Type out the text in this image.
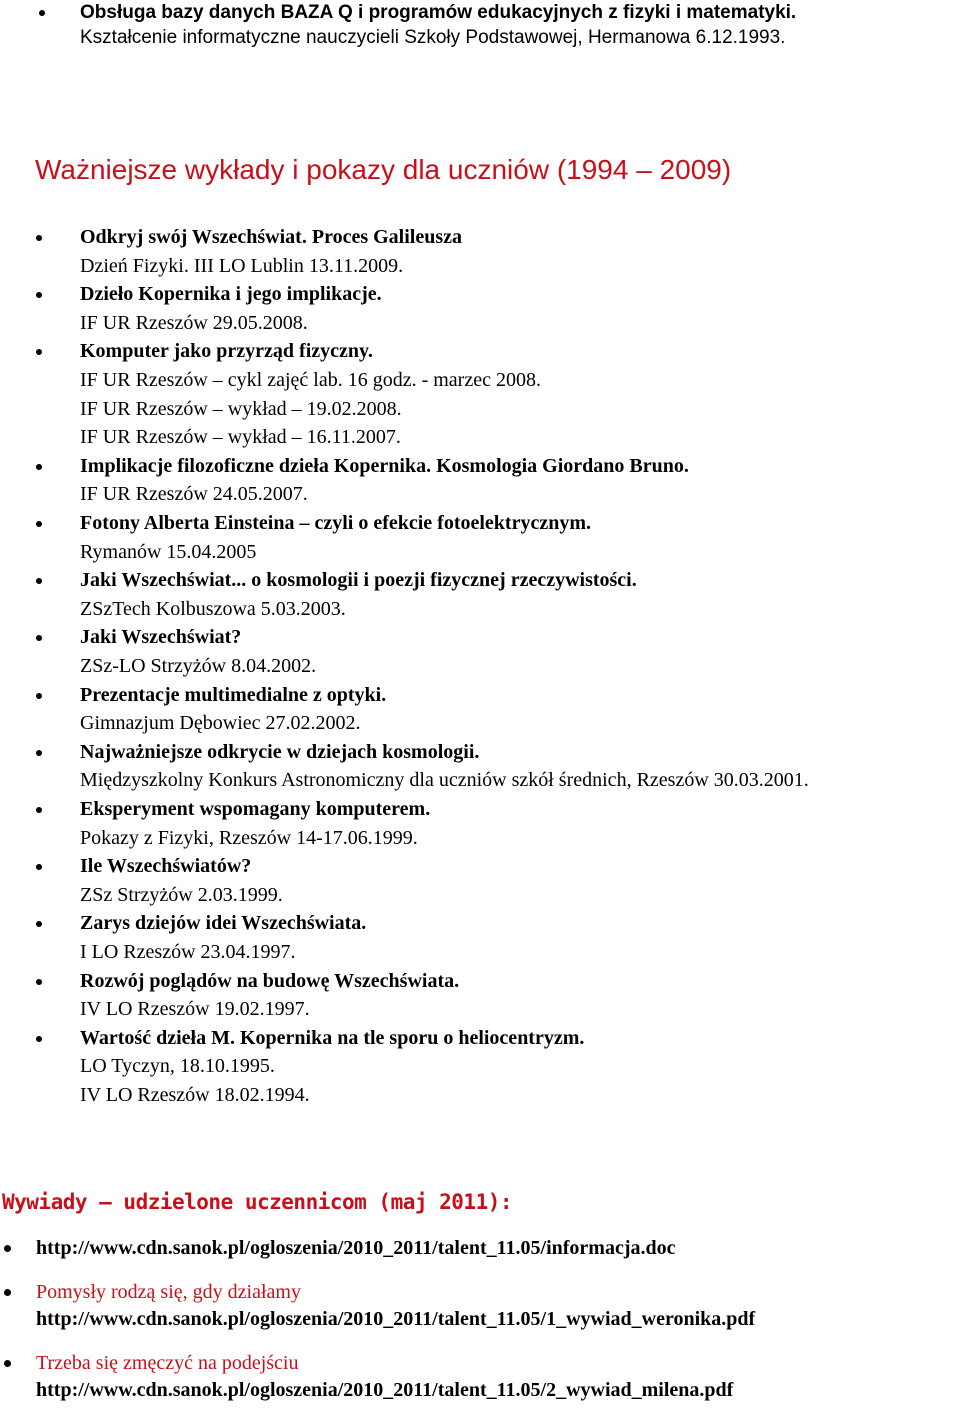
Obsługa bazy danych BAZA Q i programów edukacyjnych z fizyki i matematyki.
Kształcenie informatyczne nauczycieli Szkoły Podstawowej, Hermanowa 6.12.1993.
Ważniejsze wykłady i pokazy dla uczniów (1994 – 2009)
Odkryj swój Wszechświat. Proces Galileusza
Dzień Fizyki. III LO Lublin 13.11.2009.
Dzieło Kopernika i jego implikacje.
IF UR Rzeszów 29.05.2008.
Komputer jako przyrząd fizyczny.
IF UR Rzeszów – cykl zajęć lab. 16 godz. - marzec 2008.
IF UR Rzeszów – wykład – 19.02.2008.
IF UR Rzeszów – wykład – 16.11.2007.
Implikacje filozoficzne dzieła Kopernika. Kosmologia Giordano Bruno.
IF UR Rzeszów 24.05.2007.
Fotony Alberta Einsteina – czyli o efekcie fotoelektrycznym.
Rymanów 15.04.2005
Jaki Wszechświat... o kosmologii i poezji fizycznej rzeczywistości.
ZSzTech Kolbuszowa 5.03.2003.
Jaki Wszechświat?
ZSz-LO Strzyżów 8.04.2002.
Prezentacje multimedialne z optyki.
Gimnazjum Dębowiec 27.02.2002.
Najważniejsze odkrycie w dziejach kosmologii.
Międzyszkolny Konkurs Astronomiczny dla uczniów szkół średnich, Rzeszów 30.03.2001.
Eksperyment wspomagany komputerem.
Pokazy z Fizyki, Rzeszów 14-17.06.1999.
Ile Wszechświatów?
ZSz Strzyżów 2.03.1999.
Zarys dziejów idei Wszechświata.
I LO Rzeszów 23.04.1997.
Rozwój poglądów na budowę Wszechświata.
IV LO Rzeszów 19.02.1997.
Wartość dzieła M. Kopernika na tle sporu o heliocentryzm.
LO Tyczyn, 18.10.1995.
IV LO Rzeszów 18.02.1994.
Wywiady – udzielone uczennicom (maj 2011):
http://www.cdn.sanok.pl/ogloszenia/2010_2011/talent_11.05/informacja.doc
Pomysły rodzą się, gdy działamy
http://www.cdn.sanok.pl/ogloszenia/2010_2011/talent_11.05/1_wywiad_weronika.pdf
Trzeba się zmęczyć na podejściu
http://www.cdn.sanok.pl/ogloszenia/2010_2011/talent_11.05/2_wywiad_milena.pdf
